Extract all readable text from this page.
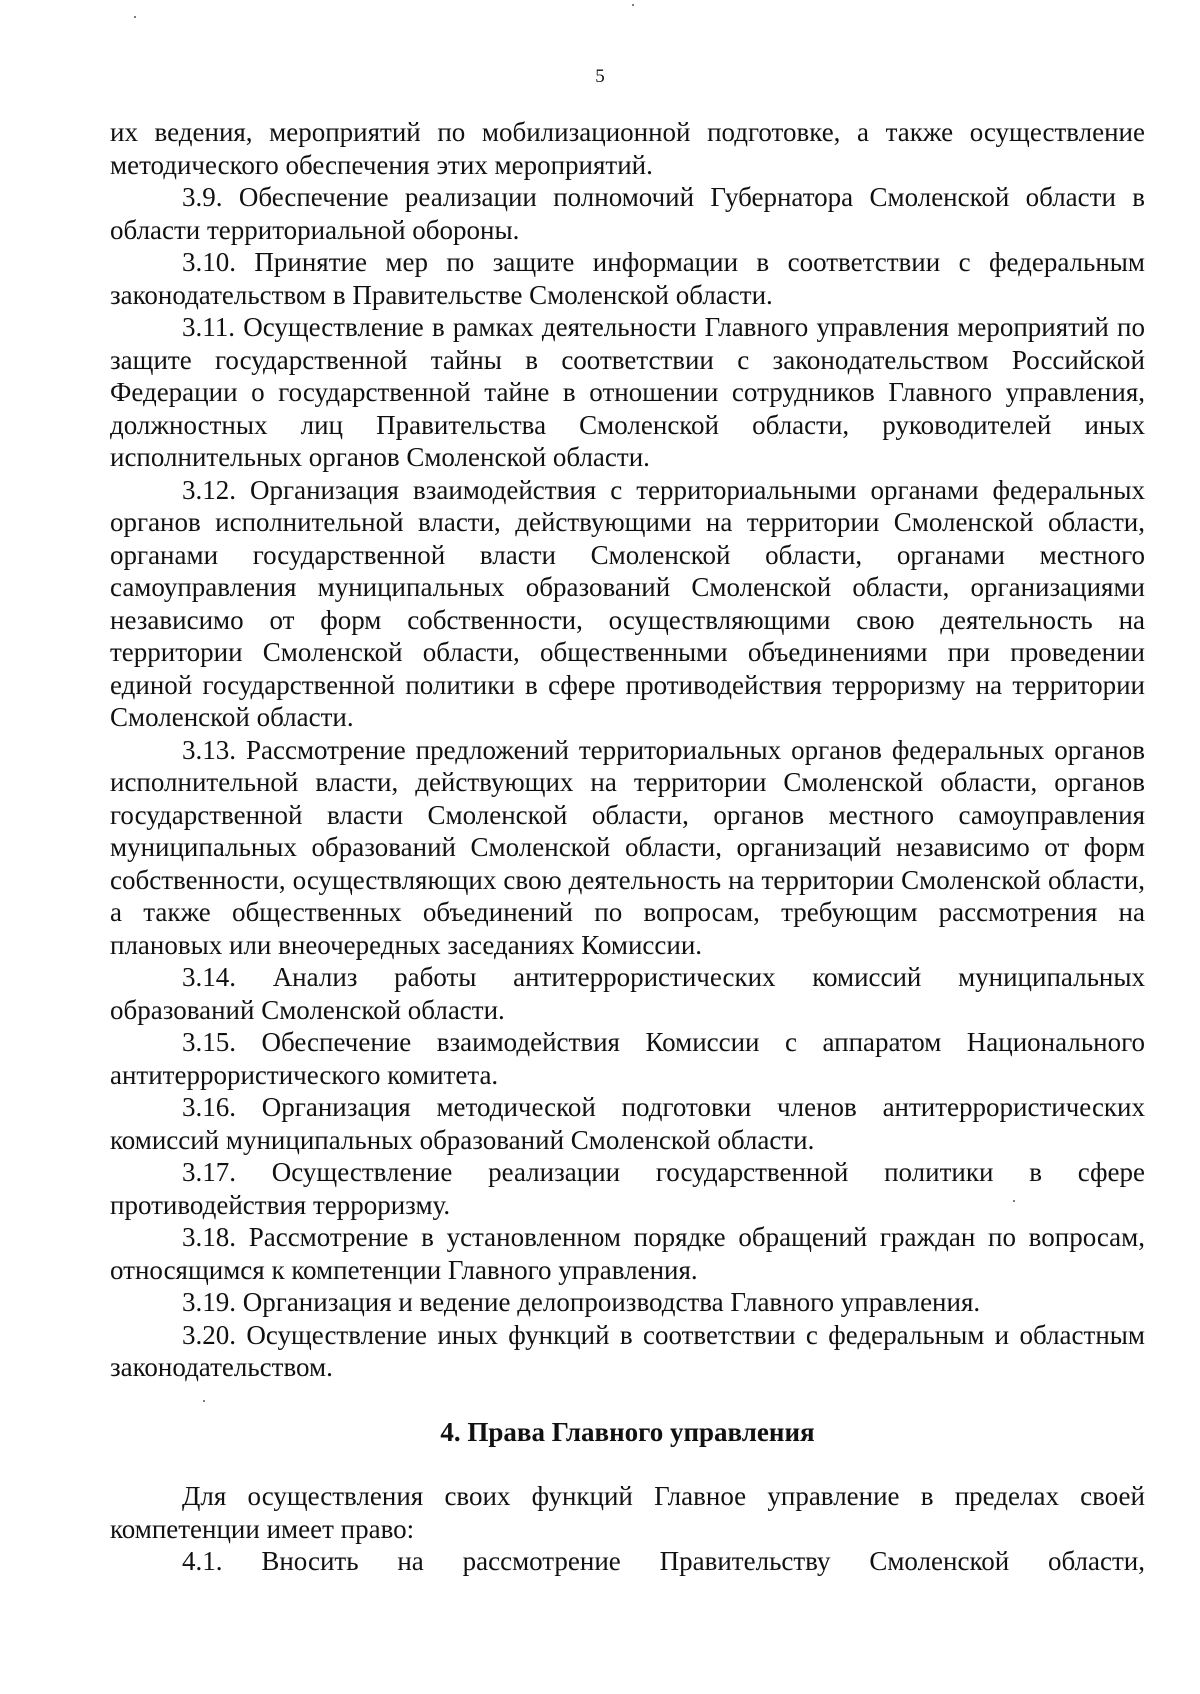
5

их ведения, мероприятий по мобилизационной подготовке, а также осуществление методического обеспечения этих мероприятий.

3.9. Обеспечение реализации полномочий Губернатора Смоленской области в области территориальной обороны.

3.10. Принятие мер по защите информации в соответствии с федеральным законодательством в Правительстве Смоленской области.

3.11. Осуществление в рамках деятельности Главного управления мероприятий по защите государственной тайны в соответствии с законодательством Российской Федерации о государственной тайне в отношении сотрудников Главного управления, должностных лиц Правительства Смоленской области, руководителей иных исполнительных органов Смоленской области.

3.12. Организация взаимодействия с территориальными органами федеральных органов исполнительной власти, действующими на территории Смоленской области, органами государственной власти Смоленской области, органами местного самоуправления муниципальных образований Смоленской области, организациями независимо от форм собственности, осуществляющими свою деятельность на территории Смоленской области, общественными объединениями при проведении единой государственной политики в сфере противодействия терроризму на территории Смоленской области.

3.13. Рассмотрение предложений территориальных органов федеральных органов исполнительной власти, действующих на территории Смоленской области, органов государственной власти Смоленской области, органов местного самоуправления муниципальных образований Смоленской области, организаций независимо от форм собственности, осуществляющих свою деятельность на территории Смоленской области, а также общественных объединений по вопросам, требующим рассмотрения на плановых или внеочередных заседаниях Комиссии.

3.14. Анализ работы антитеррористических комиссий муниципальных образований Смоленской области.

3.15. Обеспечение взаимодействия Комиссии с аппаратом Национального антитеррористического комитета.

3.16. Организация методической подготовки членов антитеррористических комиссий муниципальных образований Смоленской области.

3.17. Осуществление реализации государственной политики в сфере противодействия терроризму.

3.18. Рассмотрение в установленном порядке обращений граждан по вопросам, относящимся к компетенции Главного управления.

3.19. Организация и ведение делопроизводства Главного управления.

3.20. Осуществление иных функций в соответствии с федеральным и областным законодательством.

4. Права Главного управления

Для осуществления своих функций Главное управление в пределах своей компетенции имеет право:

4.1. Вносить на рассмотрение Правительству Смоленской области,
